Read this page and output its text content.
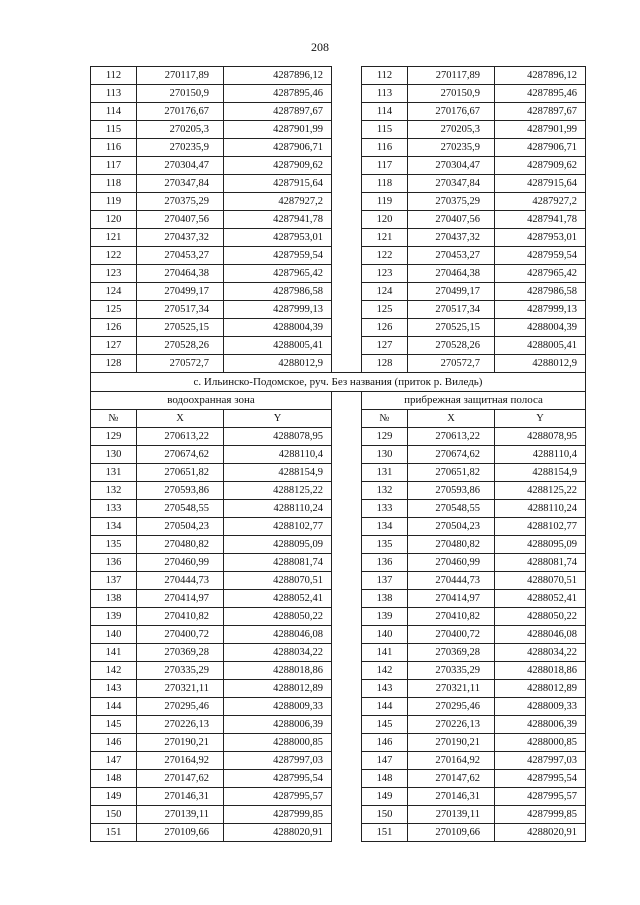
208
112	270117,89	4287896,12		112	270117,89	4287896,12
113	270150,9	4287895,46		113	270150,9	4287895,46
114	270176,67	4287897,67		114	270176,67	4287897,67
115	270205,3	4287901,99		115	270205,3	4287901,99
116	270235,9	4287906,71		116	270235,9	4287906,71
117	270304,47	4287909,62		117	270304,47	4287909,62
118	270347,84	4287915,64		118	270347,84	4287915,64
119	270375,29	4287927,2		119	270375,29	4287927,2
120	270407,56	4287941,78		120	270407,56	4287941,78
121	270437,32	4287953,01		121	270437,32	4287953,01
122	270453,27	4287959,54		122	270453,27	4287959,54
123	270464,38	4287965,42		123	270464,38	4287965,42
124	270499,17	4287986,58		124	270499,17	4287986,58
125	270517,34	4287999,13		125	270517,34	4287999,13
126	270525,15	4288004,39		126	270525,15	4288004,39
127	270528,26	4288005,41		127	270528,26	4288005,41
128	270572,7	4288012,9		128	270572,7	4288012,9
с. Ильинско-Подомское, руч. Без названия (приток р. Виледь)						
водоохранная зона				прибрежная защитная полоса		
№	X	Y		№	X	Y
129	270613,22	4288078,95		129	270613,22	4288078,95
130	270674,62	4288110,4		130	270674,62	4288110,4
131	270651,82	4288154,9		131	270651,82	4288154,9
132	270593,86	4288125,22		132	270593,86	4288125,22
133	270548,55	4288110,24		133	270548,55	4288110,24
134	270504,23	4288102,77		134	270504,23	4288102,77
135	270480,82	4288095,09		135	270480,82	4288095,09
136	270460,99	4288081,74		136	270460,99	4288081,74
137	270444,73	4288070,51		137	270444,73	4288070,51
138	270414,97	4288052,41		138	270414,97	4288052,41
139	270410,82	4288050,22		139	270410,82	4288050,22
140	270400,72	4288046,08		140	270400,72	4288046,08
141	270369,28	4288034,22		141	270369,28	4288034,22
142	270335,29	4288018,86		142	270335,29	4288018,86
143	270321,11	4288012,89		143	270321,11	4288012,89
144	270295,46	4288009,33		144	270295,46	4288009,33
145	270226,13	4288006,39		145	270226,13	4288006,39
146	270190,21	4288000,85		146	270190,21	4288000,85
147	270164,92	4287997,03		147	270164,92	4287997,03
148	270147,62	4287995,54		148	270147,62	4287995,54
149	270146,31	4287995,57		149	270146,31	4287995,57
150	270139,11	4287999,85		150	270139,11	4287999,85
151	270109,66	4288020,91		151	270109,66	4288020,91
